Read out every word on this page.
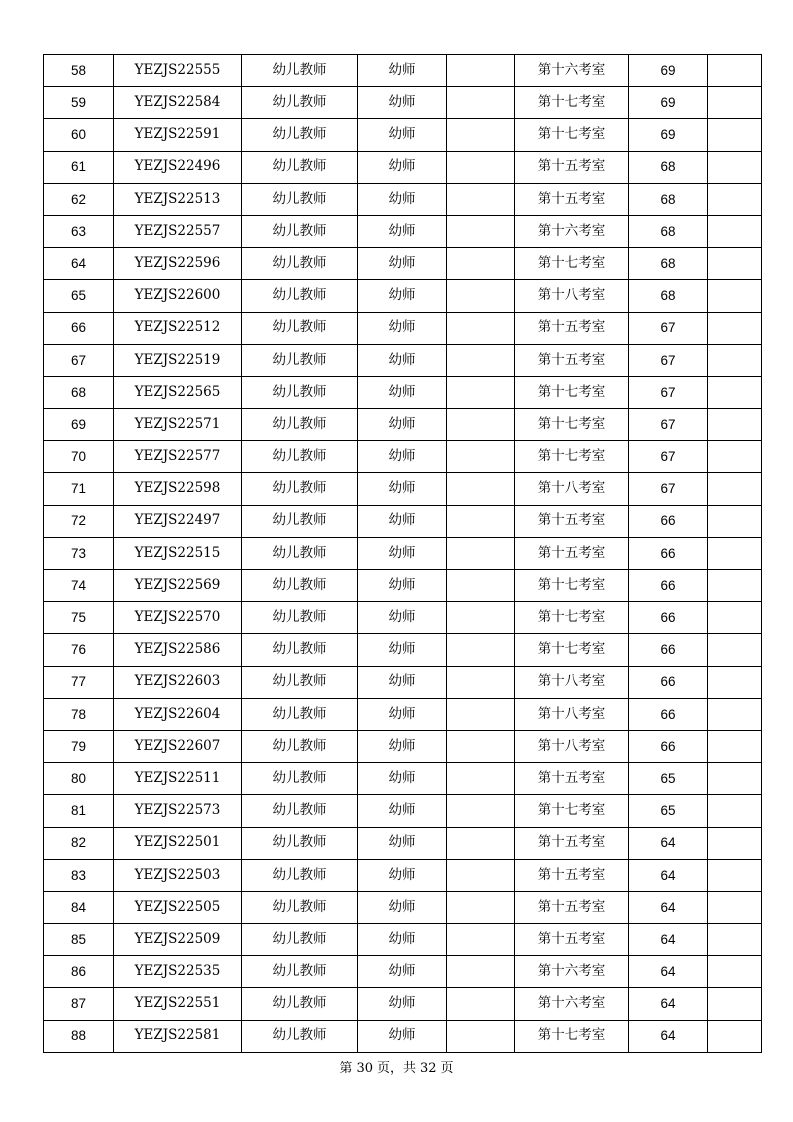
58	YEZJS22555	幼儿教师	幼师		第十六考室	69	
59	YEZJS22584	幼儿教师	幼师		第十七考室	69	
60	YEZJS22591	幼儿教师	幼师		第十七考室	69	
61	YEZJS22496	幼儿教师	幼师		第十五考室	68	
62	YEZJS22513	幼儿教师	幼师		第十五考室	68	
63	YEZJS22557	幼儿教师	幼师		第十六考室	68	
64	YEZJS22596	幼儿教师	幼师		第十七考室	68	
65	YEZJS22600	幼儿教师	幼师		第十八考室	68	
66	YEZJS22512	幼儿教师	幼师		第十五考室	67	
67	YEZJS22519	幼儿教师	幼师		第十五考室	67	
68	YEZJS22565	幼儿教师	幼师		第十七考室	67	
69	YEZJS22571	幼儿教师	幼师		第十七考室	67	
70	YEZJS22577	幼儿教师	幼师		第十七考室	67	
71	YEZJS22598	幼儿教师	幼师		第十八考室	67	
72	YEZJS22497	幼儿教师	幼师		第十五考室	66	
73	YEZJS22515	幼儿教师	幼师		第十五考室	66	
74	YEZJS22569	幼儿教师	幼师		第十七考室	66	
75	YEZJS22570	幼儿教师	幼师		第十七考室	66	
76	YEZJS22586	幼儿教师	幼师		第十七考室	66	
77	YEZJS22603	幼儿教师	幼师		第十八考室	66	
78	YEZJS22604	幼儿教师	幼师		第十八考室	66	
79	YEZJS22607	幼儿教师	幼师		第十八考室	66	
80	YEZJS22511	幼儿教师	幼师		第十五考室	65	
81	YEZJS22573	幼儿教师	幼师		第十七考室	65	
82	YEZJS22501	幼儿教师	幼师		第十五考室	64	
83	YEZJS22503	幼儿教师	幼师		第十五考室	64	
84	YEZJS22505	幼儿教师	幼师		第十五考室	64	
85	YEZJS22509	幼儿教师	幼师		第十五考室	64	
86	YEZJS22535	幼儿教师	幼师		第十六考室	64	
87	YEZJS22551	幼儿教师	幼师		第十六考室	64	
88	YEZJS22581	幼儿教师	幼师		第十七考室	64	
第 30 页，共 32 页
